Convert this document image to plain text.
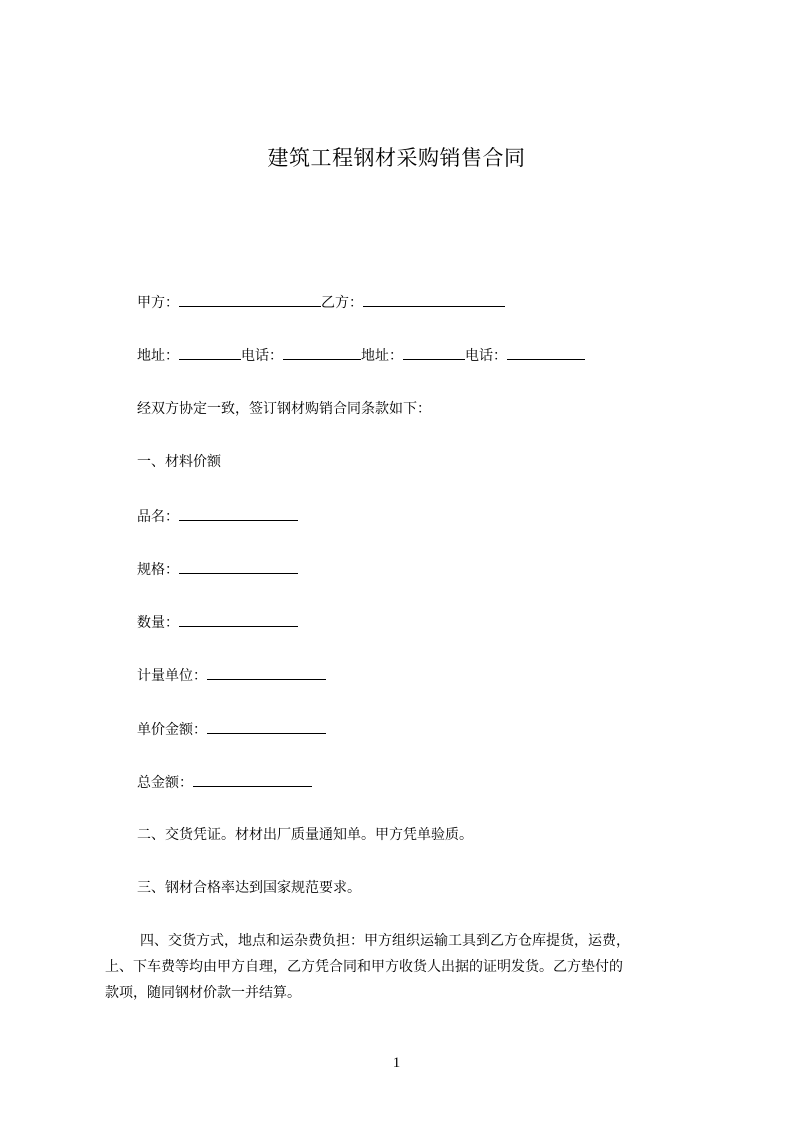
建筑工程钢材采购销售合同
甲方：	乙方：
地址：	电话：	地址：	电话：
经双方协定一致，签订钢材购销合同条款如下：
一、材料价额
品名：
规格：
数量：
计量单位：
单价金额：
总金额：
二、交货凭证。材材出厂质量通知单。甲方凭单验质。
三、钢材合格率达到国家规范要求。
四、交货方式，地点和运杂费负担：甲方组织运输工具到乙方仓库提货，运费，
上、下车费等均由甲方自理，乙方凭合同和甲方收货人出据的证明发货。乙方垫付的
款项，随同钢材价款一并结算。
1
